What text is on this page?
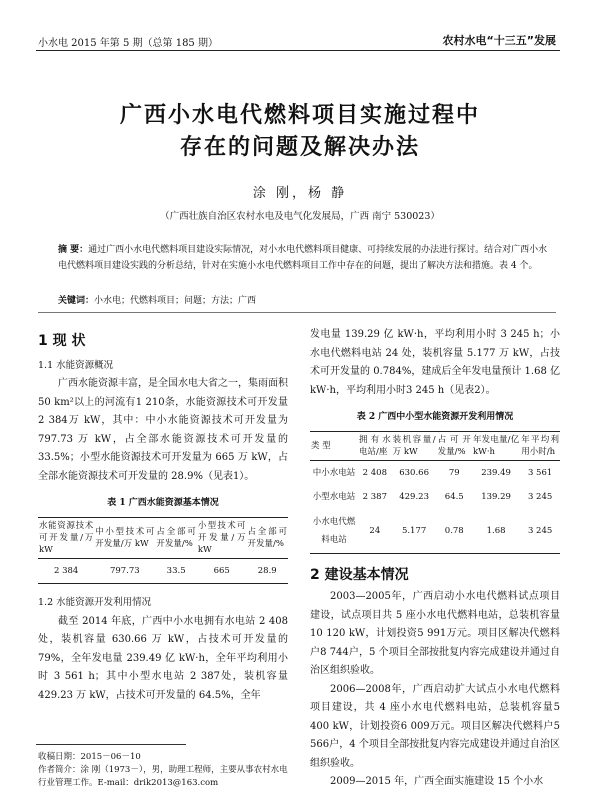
小水电 2015 年第 5 期（总第 185 期）	农村水电“十三五”发展
广西小水电代燃料项目实施过程中
存在的问题及解决办法
涂 刚，杨 静
（广西壮族自治区农村水电及电气化发展局，广西 南宁 530023）
摘 要：通过广西小水电代燃料项目建设实际情况，对小水电代燃料项目健康、可持续发展的办法进行探讨。结合对广西小水电代燃料项目建设实践的分析总结，针对在实施小水电代燃料项目工作中存在的问题，提出了解决方法和措施。表 4 个。
关键词：小水电；代燃料项目；问题；方法；广西
1 现 状
1.1 水能资源概况

广西水能资源丰富，是全国水电大省之一，集雨面积50 km²以上的河流有1 210条，水能资源技术可开发量2 384万 kW，其中：中小水能资源技术可开发量为 797.73 万 kW，占全部水能资源技术可开发量的 33.5%；小型水能资源技术可开发量为 665 万 kW，占全部水能资源技术可开发量的 28.9%（见表1）。

表 1 广西水能资源基本情况
水能资源技术可开发量/万 kW	中小型技术可开发量/万 kW	占全部可开发量/%	小型技术可开发量/万 kW	占全部可开发量/%
2 384	797.73	33.5	665	28.9
1.2 水能资源开发利用情况

截至 2014 年底，广西中小水电拥有水电站 2 408处，装机容量 630.66 万 kW，占技术可开发量的 79%，全年发电量 239.49 亿 kW·h，全年平均利用小时 3 561 h；其中小型水电站 2 387处，装机容量 429.23 万 kW，占技术可开发量的 64.5%，全年

收稿日期：2015－06－10
作者简介：涂 刚（1973－），男，助理工程师，主要从事农村水电行业管理工作。E-mail：drik2013@163.com

发电量 139.29 亿 kW·h，平均利用小时 3 245 h；小水电代燃料电站 24 处，装机容量 5.177 万 kW，占技术可开发量的 0.784%，建成后全年发电量预计 1.68 亿 kW·h，平均利用小时3 245 h（见表2）。

表 2 广西中小型水能资源开发利用情况
类 型	拥有水电站/座	装机容量/万 kW	占可开发量/%	年发电量/亿 kW·h	年平均利用小时/h
中小水电站	2 408	630.66	79	239.49	3 561
小型水电站	2 387	429.23	64.5	139.29	3 245
小水电代燃料电站	24	5.177	0.78	1.68	3 245
2 建设基本情况

2003—2005年，广西启动小水电代燃料试点项目建设，试点项目共 5 座小水电代燃料电站，总装机容量10 120 kW，计划投资5 991万元。项目区解决代燃料户8 744户，5 个项目全部按批复内容完成建设并通过自治区组织验收。

2006—2008年，广西启动扩大试点小水电代燃料项目建设，共 4 座小水电代燃料电站，总装机容量5 400 kW，计划投资6 009万元。项目区解决代燃料户5 566户，4 个项目全部按批复内容完成建设并通过自治区组织验收。

2009—2015 年，广西全面实施建设 15 个小水
